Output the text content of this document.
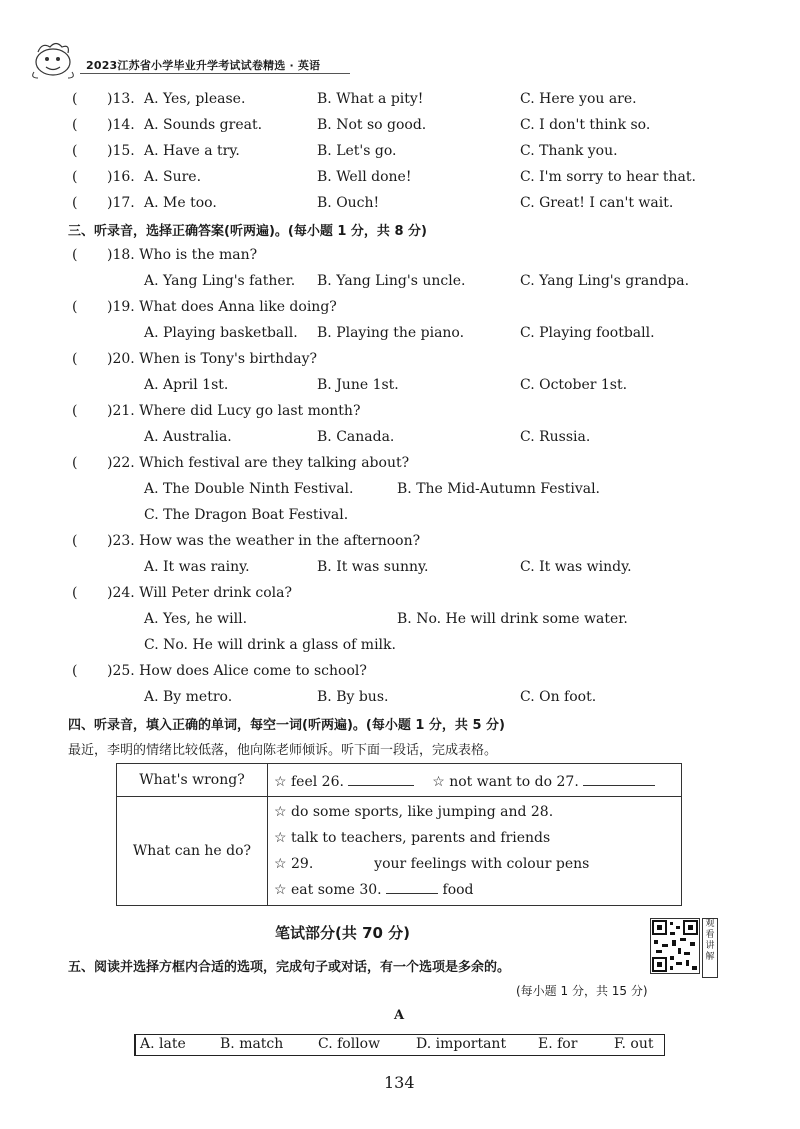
2023江苏省小学毕业升学考试试卷精选 · 英语
( )13. A. Yes, please.	B. What a pity!	C. Here you are.
( )14. A. Sounds great.	B. Not so good.	C. I don't think so.
( )15. A. Have a try.	B. Let's go.	C. Thank you.
( )16. A. Sure.	B. Well done!	C. I'm sorry to hear that.
( )17. A. Me too.	B. Ouch!	C. Great! I can't wait.
三、听录音，选择正确答案(听两遍)。(每小题 1 分，共 8 分)
( )18. Who is the man?
A. Yang Ling's father. B. Yang Ling's uncle.	C. Yang Ling's grandpa.
( )19. What does Anna like doing?
A. Playing basketball. B. Playing the piano.	C. Playing football.
( )20. When is Tony's birthday?
A. April 1st.	B. June 1st.	C. October 1st.
( )21. Where did Lucy go last month?
A. Australia.	B. Canada.	C. Russia.
( )22. Which festival are they talking about?
A. The Double Ninth Festival.	B. The Mid-Autumn Festival.
C. The Dragon Boat Festival.
( )23. How was the weather in the afternoon?
A. It was rainy.	B. It was sunny.	C. It was windy.
( )24. Will Peter drink cola?
A. Yes, he will.	B. No. He will drink some water.
C. No. He will drink a glass of milk.
( )25. How does Alice come to school?
A. By metro.	B. By bus.	C. On foot.
四、听录音，填入正确的单词，每空一词(听两遍)。(每小题 1 分，共 5 分)
最近，李明的情绪比较低落，他向陈老师倾诉。听下面一段话，完成表格。
What's wrong?	☆ feel 26. ☆ not want to do 27.
What can he do?	☆ do some sports, like jumping and 28.
☆ talk to teachers, parents and friends
☆ 29. your feelings with colour pens
☆ eat some 30. food
笔试部分(共 70 分)	观
看
讲
解
五、阅读并选择方框内合适的选项，完成句子或对话，有一个选项是多余的。
(每小题 1 分，共 15 分)
A
A. late B. match C. follow	D. important E. for	F. out
134
